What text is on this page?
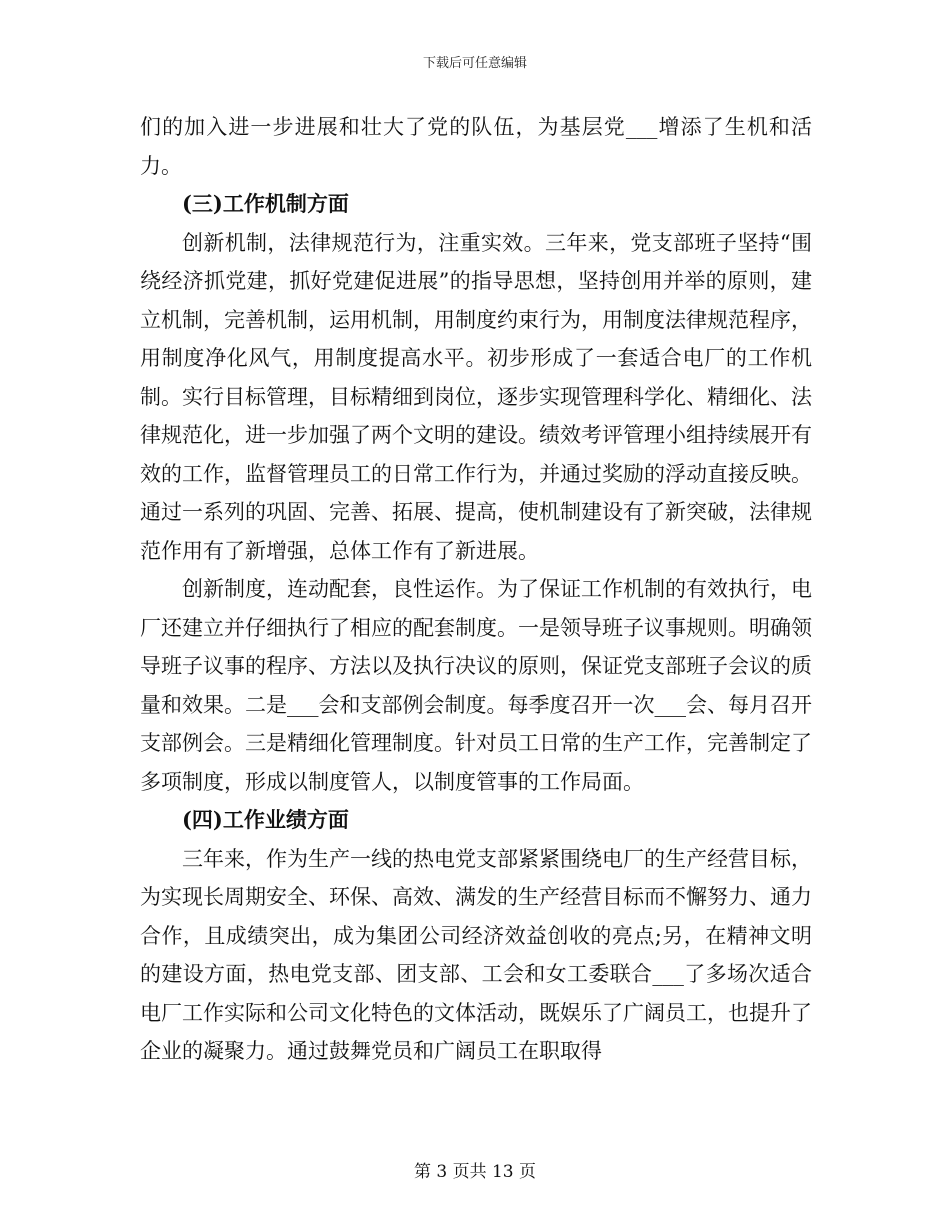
下载后可任意编辑

们的加入进一步进展和壮大了党的队伍，为基层党___增添了生机和活力。

(三)工作机制方面

创新机制，法律规范行为，注重实效。三年来，党支部班子坚持“围绕经济抓党建，抓好党建促进展”的指导思想，坚持创用并举的原则，建立机制，完善机制，运用机制，用制度约束行为，用制度法律规范程序，用制度净化风气，用制度提高水平。初步形成了一套适合电厂的工作机制。实行目标管理，目标精细到岗位，逐步实现管理科学化、精细化、法律规范化，进一步加强了两个文明的建设。绩效考评管理小组持续展开有效的工作，监督管理员工的日常工作行为，并通过奖励的浮动直接反映。通过一系列的巩固、完善、拓展、提高，使机制建设有了新突破，法律规范作用有了新增强，总体工作有了新进展。

创新制度，连动配套，良性运作。为了保证工作机制的有效执行，电厂还建立并仔细执行了相应的配套制度。一是领导班子议事规则。明确领导班子议事的程序、方法以及执行决议的原则，保证党支部班子会议的质量和效果。二是___会和支部例会制度。每季度召开一次___会、每月召开支部例会。三是精细化管理制度。针对员工日常的生产工作，完善制定了多项制度，形成以制度管人，以制度管事的工作局面。

(四)工作业绩方面

三年来，作为生产一线的热电党支部紧紧围绕电厂的生产经营目标，为实现长周期安全、环保、高效、满发的生产经营目标而不懈努力、通力合作，且成绩突出，成为集团公司经济效益创收的亮点;另，在精神文明的建设方面，热电党支部、团支部、工会和女工委联合___了多场次适合电厂工作实际和公司文化特色的文体活动，既娱乐了广阔员工，也提升了企业的凝聚力。通过鼓舞党员和广阔员工在职取得

第 3 页共 13 页
